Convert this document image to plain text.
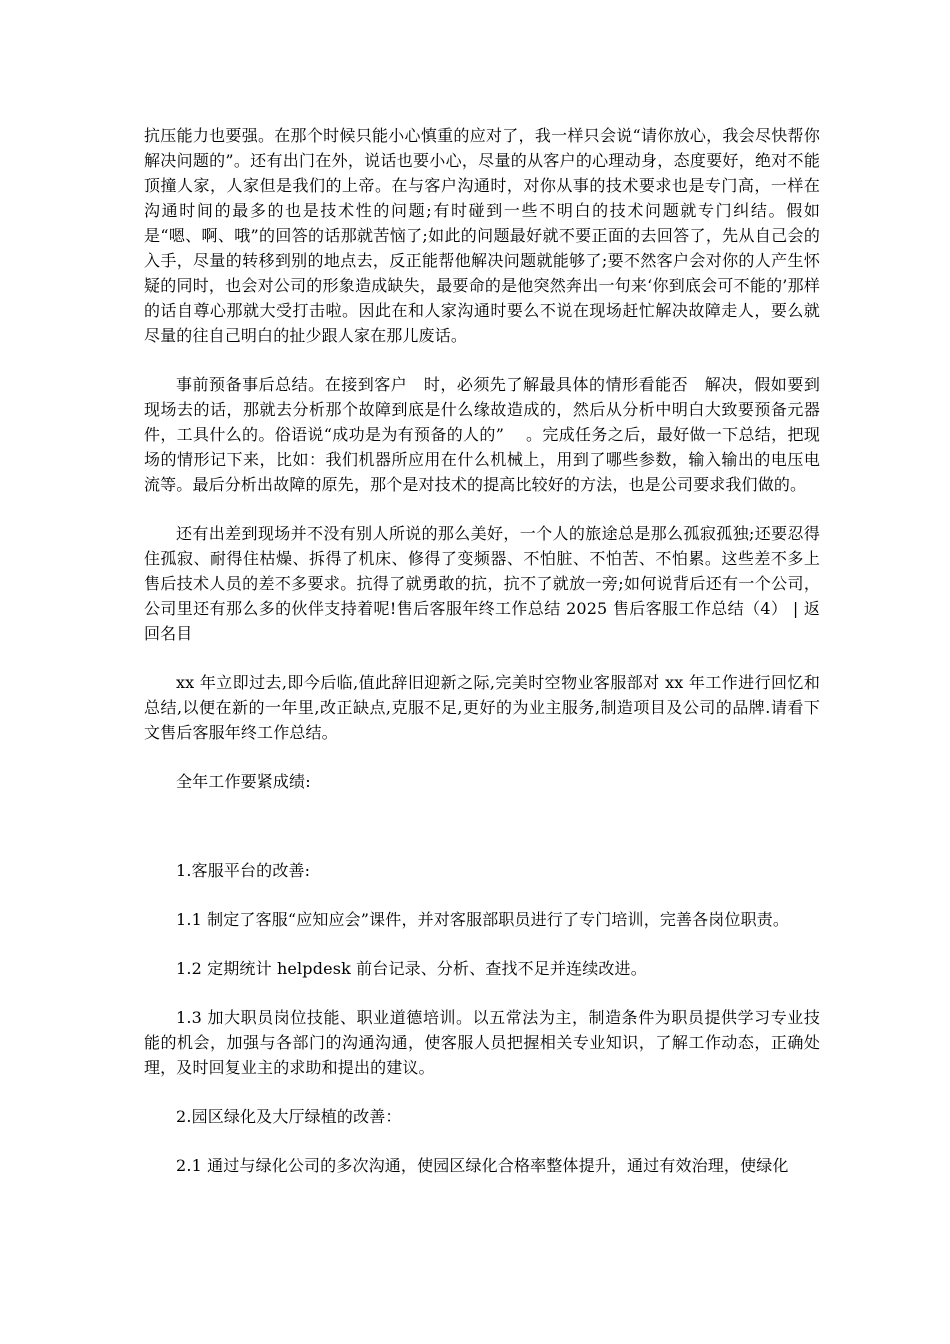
抗压能力也要强。在那个时候只能小心慎重的应对了，我一样只会说“请你放心，我会尽快帮你解决问题的”。还有出门在外，说话也要小心，尽量的从客户的心理动身，态度要好，绝对不能顶撞人家，人家但是我们的上帝。在与客户沟通时，对你从事的技术要求也是专门高，一样在沟通时间的最多的也是技术性的问题;有时碰到一些不明白的技术问题就专门纠结。假如是“嗯、啊、哦”的回答的话那就苦恼了;如此的问题最好就不要正面的去回答了，先从自己会的入手，尽量的转移到别的地点去，反正能帮他解决问题就能够了;要不然客户会对你的人产生怀疑的同时，也会对公司的形象造成缺失，最要命的是他突然奔出一句来‘你到底会可不能的’那样的话自尊心那就大受打击啦。因此在和人家沟通时要么不说在现场赶忙解决故障走人，要么就尽量的往自己明白的扯少跟人家在那儿废话。

事前预备事后总结。在接到客户　时，必须先了解最具体的情形看能否　解决，假如要到现场去的话，那就去分析那个故障到底是什么缘故造成的，然后从分析中明白大致要预备元器件，工具什么的。俗语说“成功是为有预备的人的”　 。完成任务之后，最好做一下总结，把现场的情形记下来，比如：我们机器所应用在什么机械上，用到了哪些参数，输入输出的电压电流等。最后分析出故障的原先，那个是对技术的提高比较好的方法，也是公司要求我们做的。

还有出差到现场并不没有别人所说的那么美好，一个人的旅途总是那么孤寂孤独;还要忍得住孤寂、耐得住枯燥、拆得了机床、修得了变频器、不怕脏、不怕苦、不怕累。这些差不多上售后技术人员的差不多要求。抗得了就勇敢的抗，抗不了就放一旁;如何说背后还有一个公司，公司里还有那么多的伙伴支持着呢!售后客服年终工作总结 2025 售后客服工作总结（4） | 返回名目

xx 年立即过去,即今后临,值此辞旧迎新之际,完美时空物业客服部对 xx 年工作进行回忆和总结,以便在新的一年里,改正缺点,克服不足,更好的为业主服务,制造项目及公司的品牌.请看下文售后客服年终工作总结。

全年工作要紧成绩:

1.客服平台的改善:

1.1 制定了客服“应知应会”课件，并对客服部职员进行了专门培训，完善各岗位职责。

1.2 定期统计 helpdesk 前台记录、分析、查找不足并连续改进。

1.3 加大职员岗位技能、职业道德培训。以五常法为主，制造条件为职员提供学习专业技能的机会，加强与各部门的沟通沟通，使客服人员把握相关专业知识，了解工作动态，正确处理，及时回复业主的求助和提出的建议。

2.园区绿化及大厅绿植的改善：

2.1 通过与绿化公司的多次沟通，使园区绿化合格率整体提升，通过有效治理，使绿化
